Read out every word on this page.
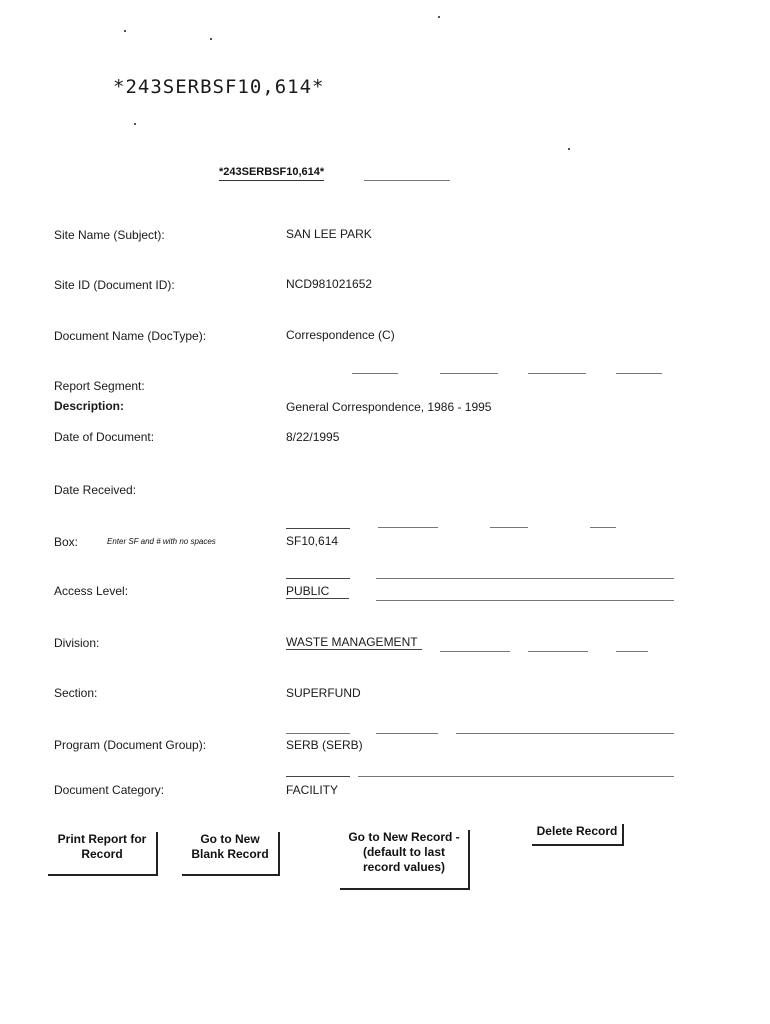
*243SERBSF10,614*
*243SERBSF10,614*
Site Name (Subject):	SAN LEE PARK
Site ID (Document ID):	NCD981021652
Document Name (DocType):	Correspondence (C)
Report Segment:
Description:	General Correspondence, 1986 - 1995
Date of Document:	8/22/1995
Date Received:
Box:	Enter SF and # with no spaces	SF10,614
Access Level:	PUBLIC
Division:	WASTE MANAGEMENT
Section:	SUPERFUND
Program (Document Group):	SERB (SERB)
Document Category:	FACILITY
Print Report for
Record
Go to New
Blank Record
Go to New Record -
(default to last
record values)
Delete Record
